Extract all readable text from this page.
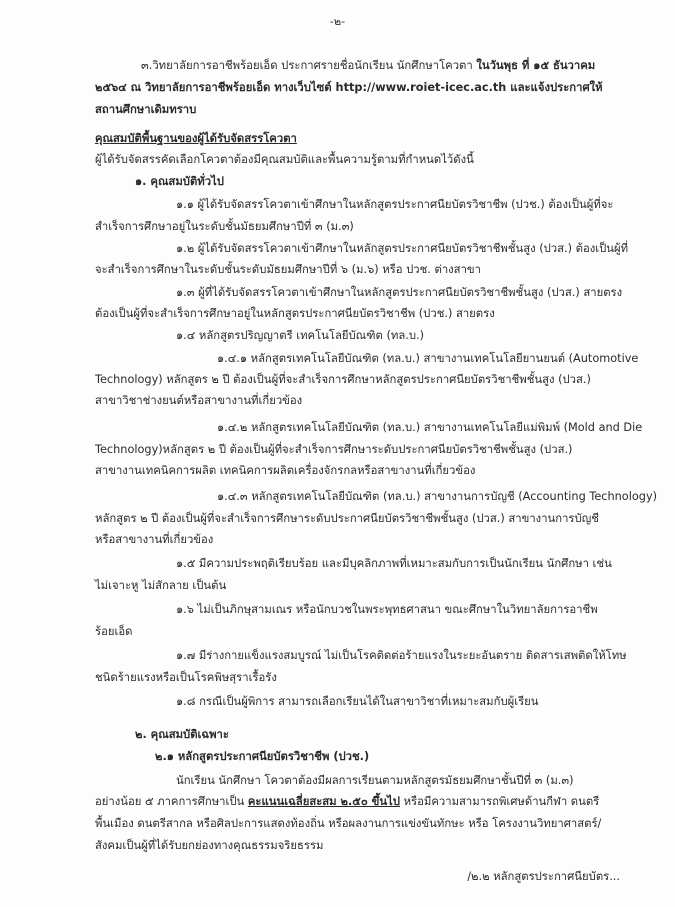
-๒-
๓.วิทยาลัยการอาชีพร้อยเอ็ด ประกาศรายชื่อนักเรียน นักศึกษาโควตา ในวันพุธ ที่ ๑๕ ธันวาคม
๒๕๖๔ ณ วิทยาลัยการอาชีพร้อยเอ็ด ทางเว็บไซต์ http://www.roiet-icec.ac.th และแจ้งประกาศให้
สถานศึกษาเดิมทราบ
คุณสมบัติพื้นฐานของผู้ได้รับจัดสรรโควตา
ผู้ได้รับจัดสรรคัดเลือกโควตาต้องมีคุณสมบัติและพื้นความรู้ตามที่กำหนดไว้ดังนี้
๑. คุณสมบัติทั่วไป
๑.๑ ผู้ได้รับจัดสรรโควตาเข้าศึกษาในหลักสูตรประกาศนียบัตรวิชาชีพ (ปวช.) ต้องเป็นผู้ที่จะ
สำเร็จการศึกษาอยู่ในระดับชั้นมัธยมศึกษาปีที่ ๓ (ม.๓)
๑.๒ ผู้ได้รับจัดสรรโควตาเข้าศึกษาในหลักสูตรประกาศนียบัตรวิชาชีพชั้นสูง (ปวส.) ต้องเป็นผู้ที่
จะสำเร็จการศึกษาในระดับชั้นระดับมัธยมศึกษาปีที่ ๖ (ม.๖) หรือ ปวช. ต่างสาขา
๑.๓ ผู้ที่ได้รับจัดสรรโควตาเข้าศึกษาในหลักสูตรประกาศนียบัตรวิชาชีพชั้นสูง (ปวส.) สายตรง
ต้องเป็นผู้ที่จะสำเร็จการศึกษาอยู่ในหลักสูตรประกาศนียบัตรวิชาชีพ (ปวช.) สายตรง
๑.๔ หลักสูตรปริญญาตรี เทคโนโลยีบัณฑิต (ทล.บ.)
๑.๔.๑ หลักสูตรเทคโนโลยีบัณฑิต (ทล.บ.) สาขางานเทคโนโลยียานยนต์ (Automotive
Technology) หลักสูตร ๒ ปี ต้องเป็นผู้ที่จะสำเร็จการศึกษาหลักสูตรประกาศนียบัตรวิชาชีพชั้นสูง (ปวส.)
สาขาวิชาช่างยนต์หรือสาขางานที่เกี่ยวข้อง
๑.๔.๒ หลักสูตรเทคโนโลยีบัณฑิต (ทล.บ.) สาขางานเทคโนโลยีแม่พิมพ์ (Mold and Die
Technology)หลักสูตร ๒ ปี ต้องเป็นผู้ที่จะสำเร็จการศึกษาระดับประกาศนียบัตรวิชาชีพชั้นสูง (ปวส.)
สาขางานเทคนิคการผลิต เทคนิคการผลิตเครื่องจักรกลหรือสาขางานที่เกี่ยวข้อง
๑.๔.๓ หลักสูตรเทคโนโลยีบัณฑิต (ทล.บ.) สาขางานการบัญชี (Accounting Technology)
หลักสูตร ๒ ปี ต้องเป็นผู้ที่จะสำเร็จการศึกษาระดับประกาศนียบัตรวิชาชีพชั้นสูง (ปวส.) สาขางานการบัญชี
หรือสาขางานที่เกี่ยวข้อง
๑.๕ มีความประพฤติเรียบร้อย และมีบุคลิกภาพที่เหมาะสมกับการเป็นนักเรียน นักศึกษา เช่น
ไม่เจาะหู ไม่สักลาย เป็นต้น
๑.๖ ไม่เป็นภิกษุสามเณร หรือนักบวชในพระพุทธศาสนา ขณะศึกษาในวิทยาลัยการอาชีพ
ร้อยเอ็ด
๑.๗ มีร่างกายแข็งแรงสมบูรณ์ ไม่เป็นโรคติดต่อร้ายแรงในระยะอันตราย ติดสารเสพติดให้โทษ
ชนิดร้ายแรงหรือเป็นโรคพิษสุราเรื้อรัง
๑.๘ กรณีเป็นผู้พิการ สามารถเลือกเรียนได้ในสาขาวิชาที่เหมาะสมกับผู้เรียน
๒. คุณสมบัติเฉพาะ
๒.๑ หลักสูตรประกาศนียบัตรวิชาชีพ (ปวช.)
นักเรียน นักศึกษา โควตาต้องมีผลการเรียนตามหลักสูตรมัธยมศึกษาชั้นปีที่ ๓ (ม.๓)
อย่างน้อย ๕ ภาคการศึกษาเป็น คะแนนเฉลี่ยสะสม ๒.๕๐ ขึ้นไป หรือมีความสามารถพิเศษด้านกีฬา ดนตรี
พื้นเมือง ดนตรีสากล หรือศิลปะการแสดงท้องถิ่น หรือผลงานการแข่งขันทักษะ หรือ โครงงานวิทยาศาสตร์/
สังคมเป็นผู้ที่ได้รับยกย่องทางคุณธรรมจริยธรรม
/๒.๒ หลักสูตรประกาศนียบัตร...
